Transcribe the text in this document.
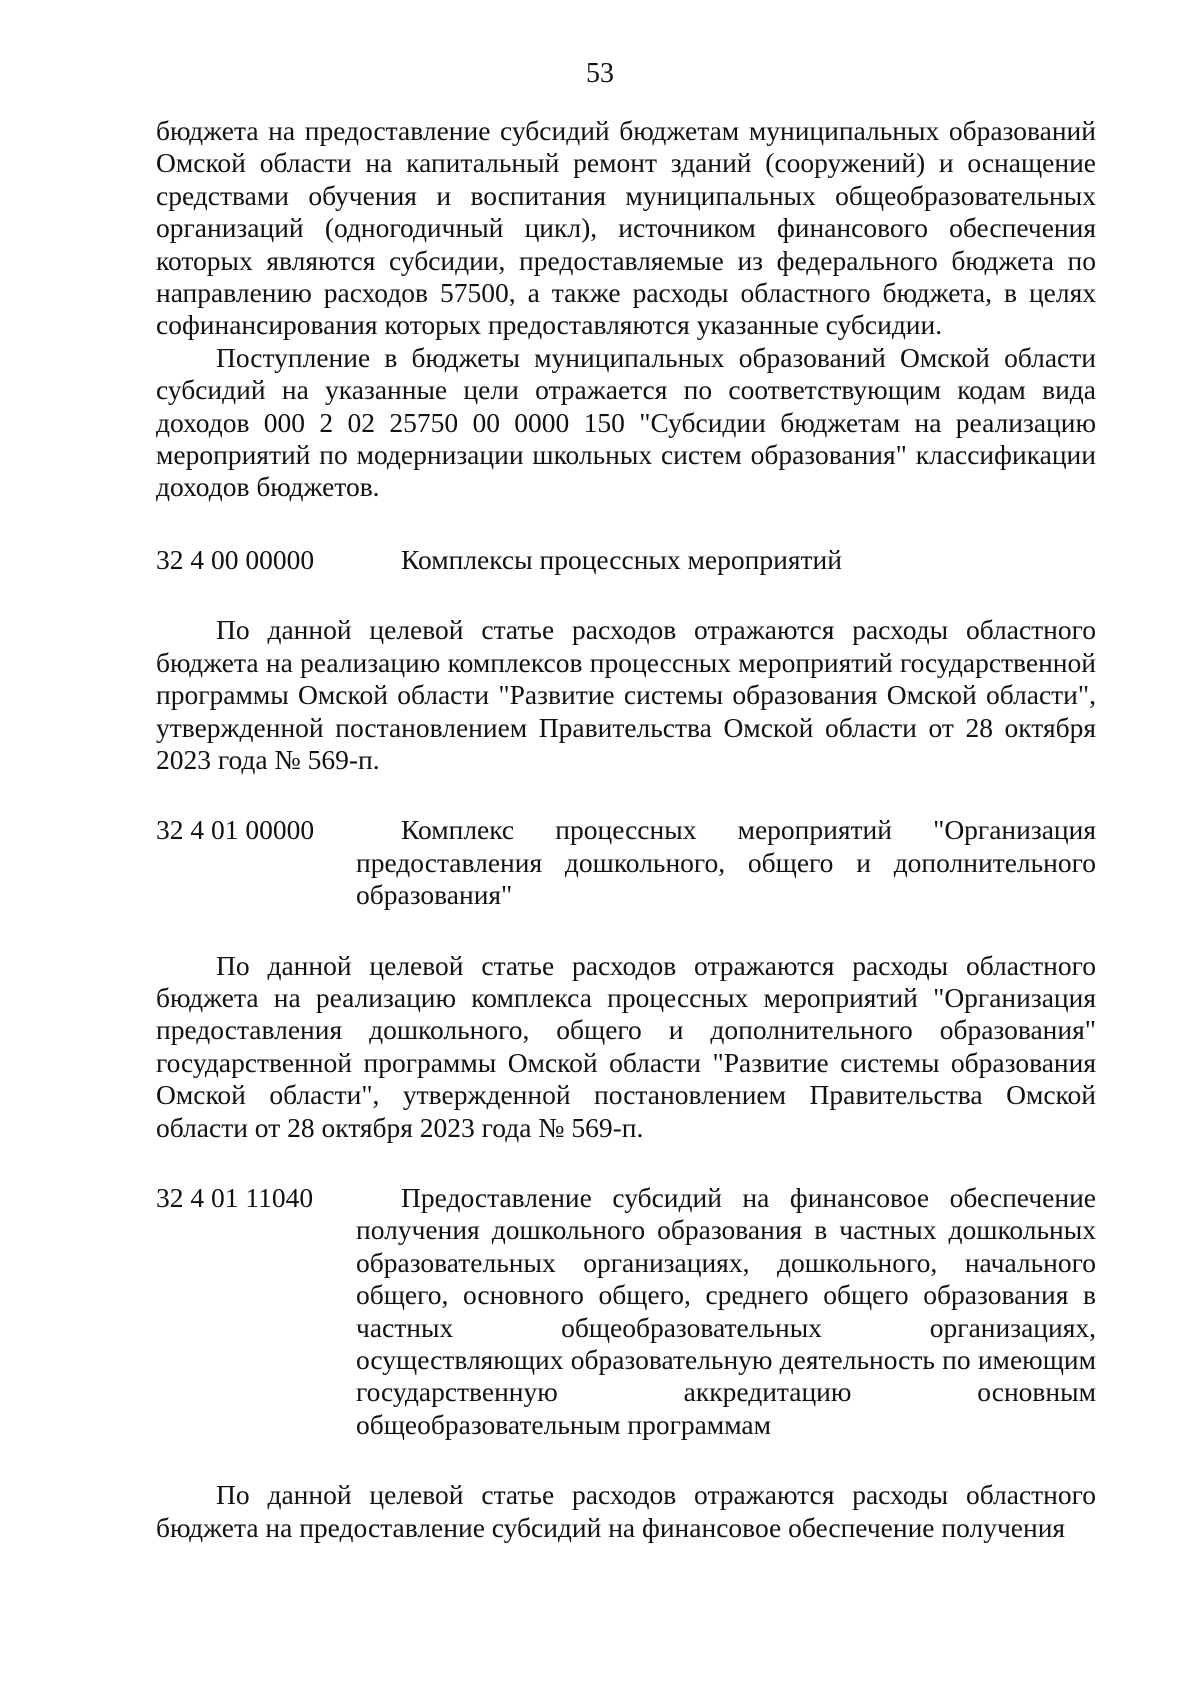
53

бюджета на предоставление субсидий бюджетам муниципальных образований Омской области на капитальный ремонт зданий (сооружений) и оснащение средствами обучения и воспитания муниципальных общеобразовательных организаций (одногодичный цикл), источником финансового обеспечения которых являются субсидии, предоставляемые из федерального бюджета по направлению расходов 57500, а также расходы областного бюджета, в целях софинансирования которых предоставляются указанные субсидии.

Поступление в бюджеты муниципальных образований Омской области субсидий на указанные цели отражается по соответствующим кодам вида доходов 000 2 02 25750 00 0000 150 "Субсидии бюджетам на реализацию мероприятий по модернизации школьных систем образования" классификации доходов бюджетов.

32 4 00 00000	Комплексы процессных мероприятий

По данной целевой статье расходов отражаются расходы областного бюджета на реализацию комплексов процессных мероприятий государственной программы Омской области "Развитие системы образования Омской области", утвержденной постановлением Правительства Омской области от 28 октября 2023 года № 569-п.

32 4 01 00000	Комплекс процессных мероприятий "Организация предоставления дошкольного, общего и дополнительного образования"

По данной целевой статье расходов отражаются расходы областного бюджета на реализацию комплекса процессных мероприятий "Организация предоставления дошкольного, общего и дополнительного образования" государственной программы Омской области "Развитие системы образования Омской области", утвержденной постановлением Правительства Омской области от 28 октября 2023 года № 569-п.

32 4 01 11040	Предоставление субсидий на финансовое обеспечение получения дошкольного образования в частных дошкольных образовательных организациях, дошкольного, начального общего, основного общего, среднего общего образования в частных общеобразовательных организациях, осуществляющих образовательную деятельность по имеющим государственную аккредитацию основным общеобразовательным программам

По данной целевой статье расходов отражаются расходы областного бюджета на предоставление субсидий на финансовое обеспечение получения
